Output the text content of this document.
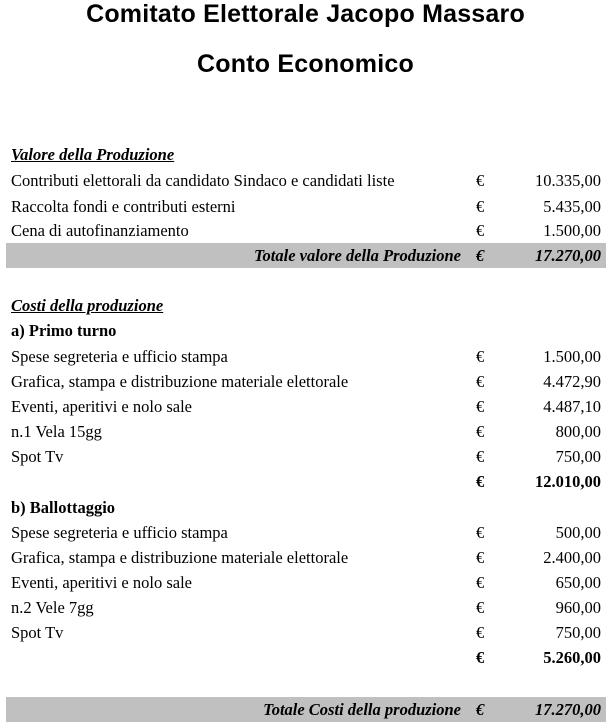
Comitato Elettorale Jacopo Massaro
Conto Economico
Valore della Produzione
Contributi elettorali da candidato Sindaco e candidati liste	€	10.335,00
Raccolta fondi e contributi esterni	€	5.435,00
Cena di autofinanziamento	€	1.500,00
Totale valore della Produzione €	17.270,00
Costi della produzione
a) Primo turno
Spese segreteria e ufficio stampa	€	1.500,00
Grafica, stampa e distribuzione materiale elettorale	€	4.472,90
Eventi, aperitivi e nolo sale	€	4.487,10
n.1 Vela 15gg	€	800,00
Spot Tv	€	750,00
€	12.010,00
b) Ballottaggio
Spese segreteria e ufficio stampa	€	500,00
Grafica, stampa e distribuzione materiale elettorale	€	2.400,00
Eventi, aperitivi e nolo sale	€	650,00
n.2 Vele 7gg	€	960,00
Spot Tv	€	750,00
€	5.260,00
Totale Costi della produzione €	17.270,00
